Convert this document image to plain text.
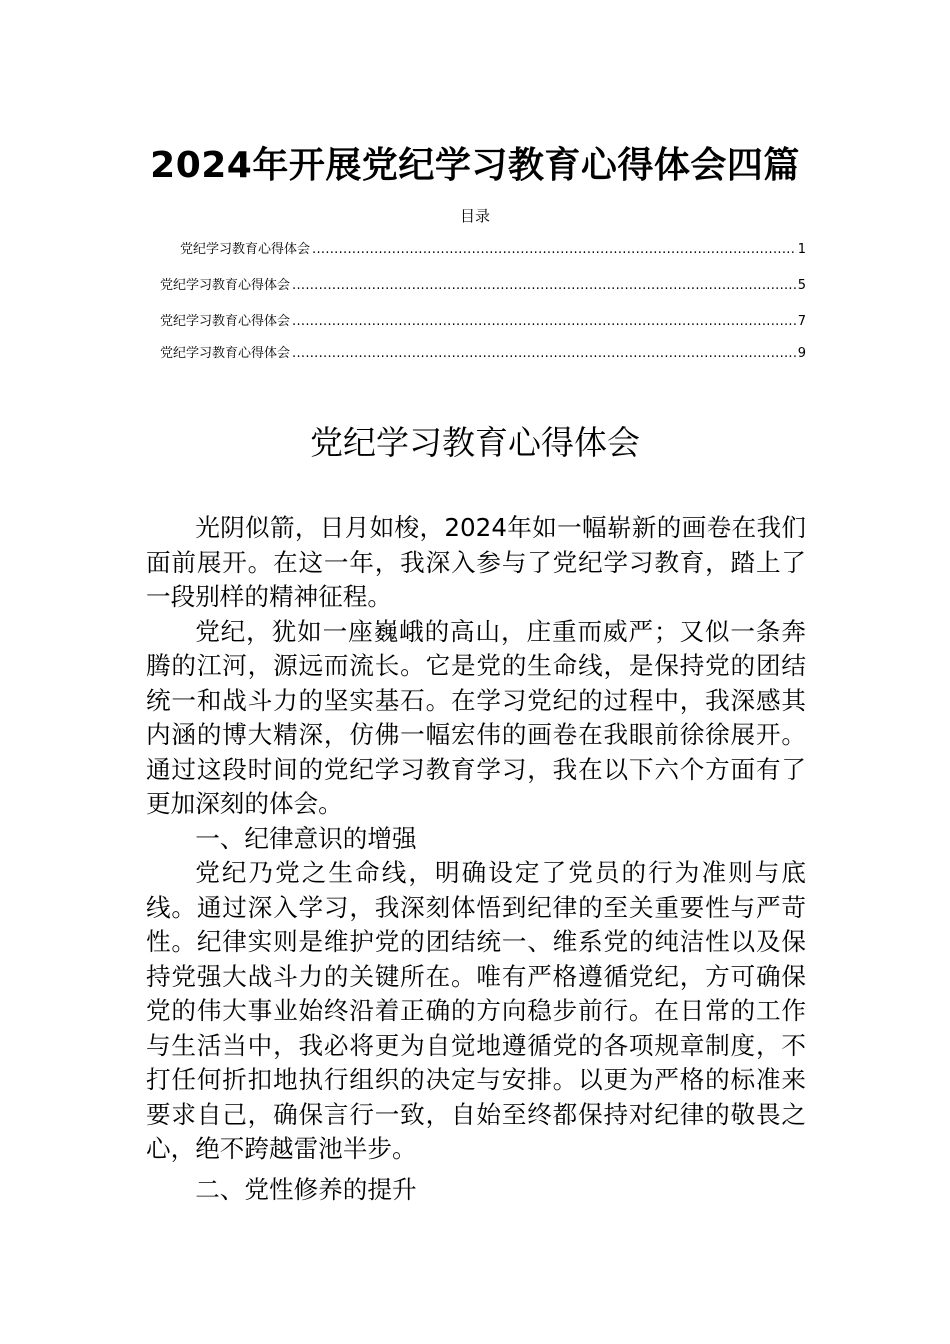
2024年开展党纪学习教育心得体会四篇
目录
党纪学习教育心得体会 .....	1
党纪学习教育心得体会 .....	5
党纪学习教育心得体会 .....	7
党纪学习教育心得体会 .....	9
党纪学习教育心得体会

光阴似箭，日月如梭，2024年如一幅崭新的画卷在我们面前展开。在这一年，我深入参与了党纪学习教育，踏上了一段别样的精神征程。

党纪，犹如一座巍峨的高山，庄重而威严；又似一条奔腾的江河，源远而流长。它是党的生命线，是保持党的团结统一和战斗力的坚实基石。在学习党纪的过程中，我深感其内涵的博大精深，仿佛一幅宏伟的画卷在我眼前徐徐展开。通过这段时间的党纪学习教育学习，我在以下六个方面有了更加深刻的体会。

一、纪律意识的增强

党纪乃党之生命线，明确设定了党员的行为准则与底线。通过深入学习，我深刻体悟到纪律的至关重要性与严苛性。纪律实则是维护党的团结统一、维系党的纯洁性以及保持党强大战斗力的关键所在。唯有严格遵循党纪，方可确保党的伟大事业始终沿着正确的方向稳步前行。在日常的工作与生活当中，我必将更为自觉地遵循党的各项规章制度，不打任何折扣地执行组织的决定与安排。以更为严格的标准来要求自己，确保言行一致，自始至终都保持对纪律的敬畏之心，绝不跨越雷池半步。

二、党性修养的提升
